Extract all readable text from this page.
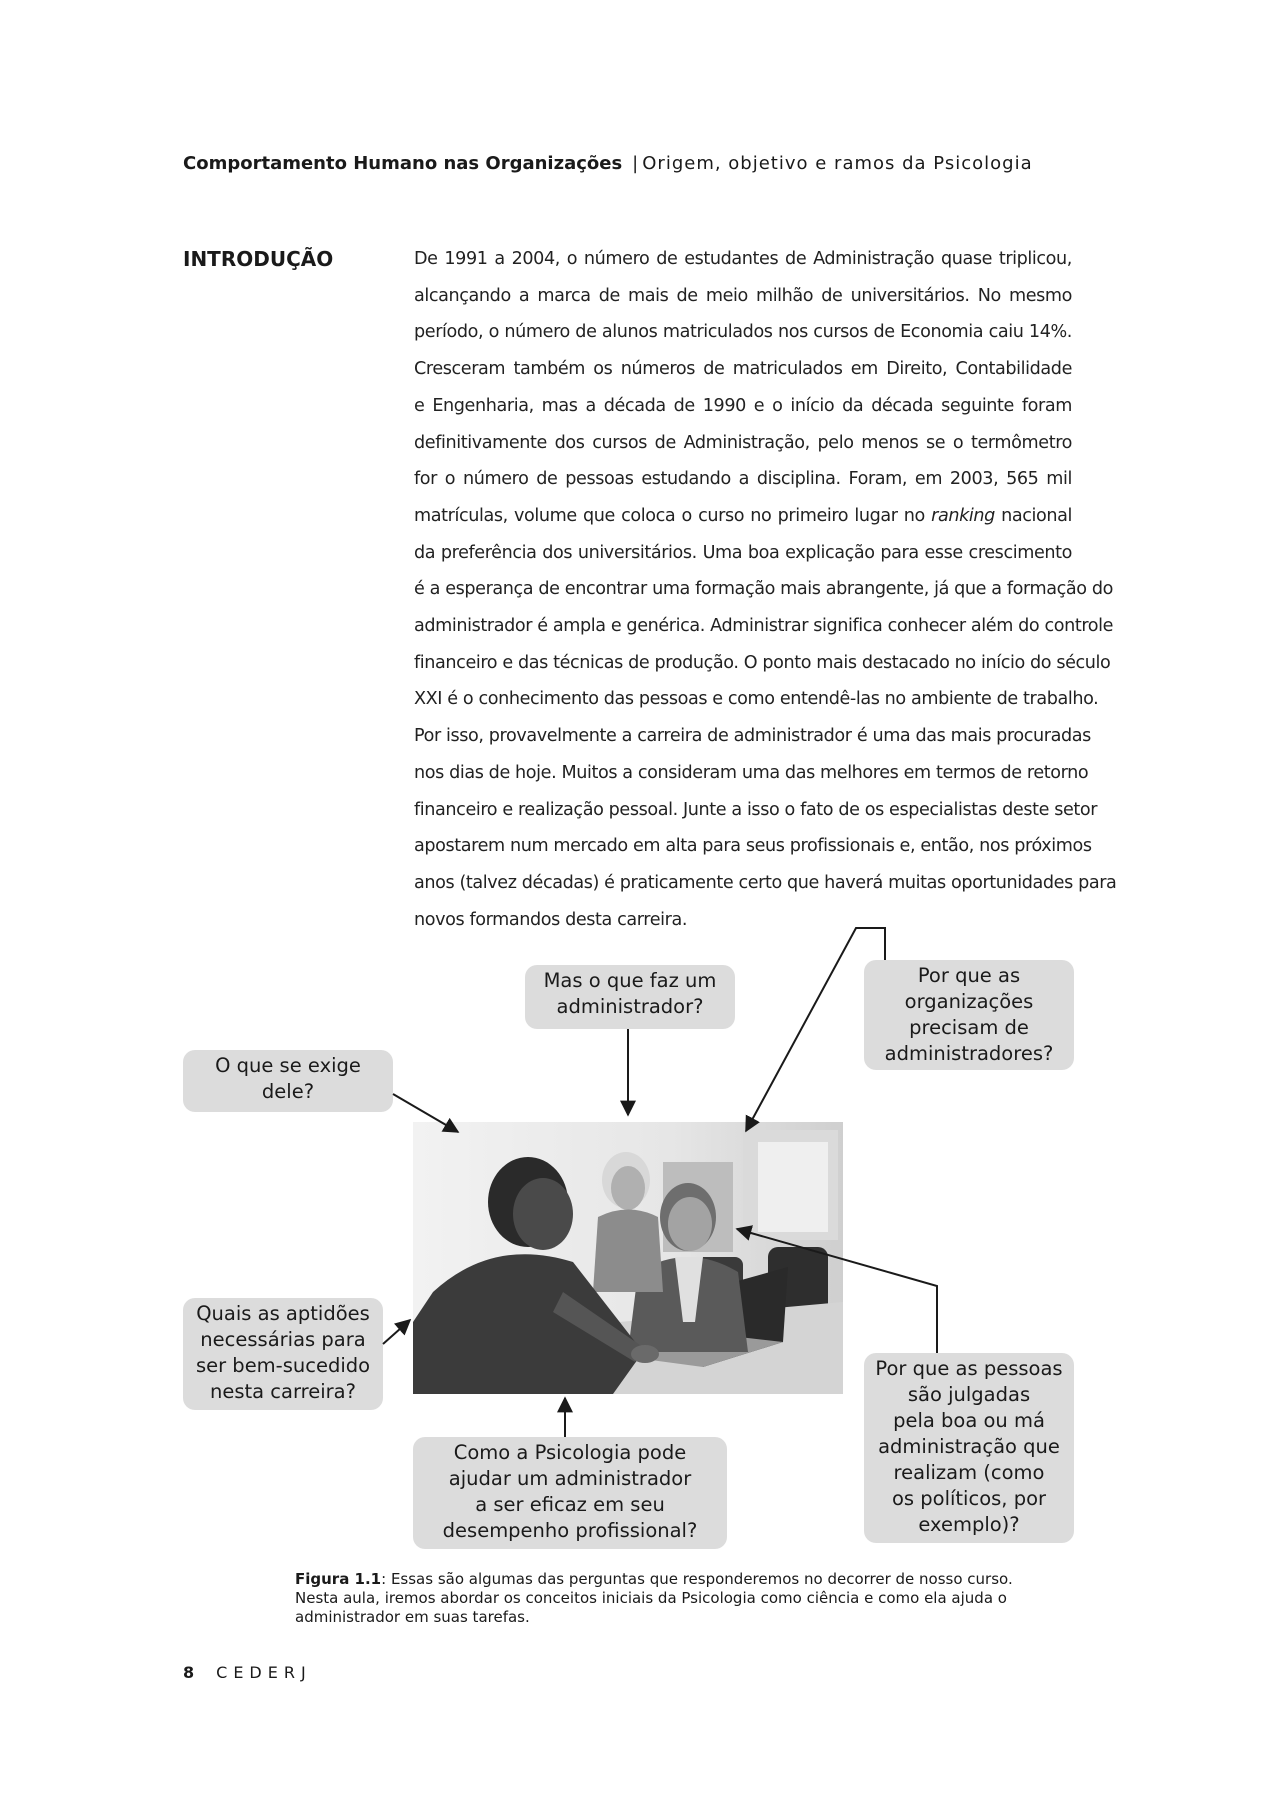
Comportamento Humano nas Organizações | Origem, objetivo e ramos da Psicologia
INTRODUÇÃO	De 1991 a 2004, o número de estudantes de Administração quase triplicou,
alcançando a marca de mais de meio milhão de universitários. No mesmo
período, o número de alunos matriculados nos cursos de Economia caiu 14%.
Cresceram também os números de matriculados em Direito, Contabilidade
e Engenharia, mas a década de 1990 e o início da década seguinte foram
definitivamente dos cursos de Administração, pelo menos se o termômetro
for o número de pessoas estudando a disciplina. Foram, em 2003, 565 mil
matrículas, volume que coloca o curso no primeiro lugar no ranking nacional
da preferência dos universitários. Uma boa explicação para esse crescimento
é a esperança de encontrar uma formação mais abrangente, já que a formação do
administrador é ampla e genérica. Administrar significa conhecer além do controle
financeiro e das técnicas de produção. O ponto mais destacado no início do século
XXI é o conhecimento das pessoas e como entendê-las no ambiente de trabalho.
Por isso, provavelmente a carreira de administrador é uma das mais procuradas
nos dias de hoje. Muitos a consideram uma das melhores em termos de retorno
financeiro e realização pessoal. Junte a isso o fato de os especialistas deste setor
apostarem num mercado em alta para seus profissionais e, então, nos próximos
anos (talvez décadas) é praticamente certo que haverá muitas oportunidades para
novos formandos desta carreira.

Mas o que faz um
administrador?
Por que as
organizações
precisam de
administradores?
O que se exige
dele?
Quais as aptidões
necessárias para
ser bem-sucedido
nesta carreira?
Como a Psicologia pode
ajudar um administrador
a ser eficaz em seu
desempenho profissional?
Por que as pessoas
são julgadas
pela boa ou má
administração que
realizam (como
os políticos, por
exemplo)?
Figura 1.1: Essas são algumas das perguntas que responderemos no decorrer de nosso curso. Nesta aula, iremos abordar os conceitos iniciais da Psicologia como ciência e como ela ajuda o administrador em suas tarefas.
8 CEDERJ
